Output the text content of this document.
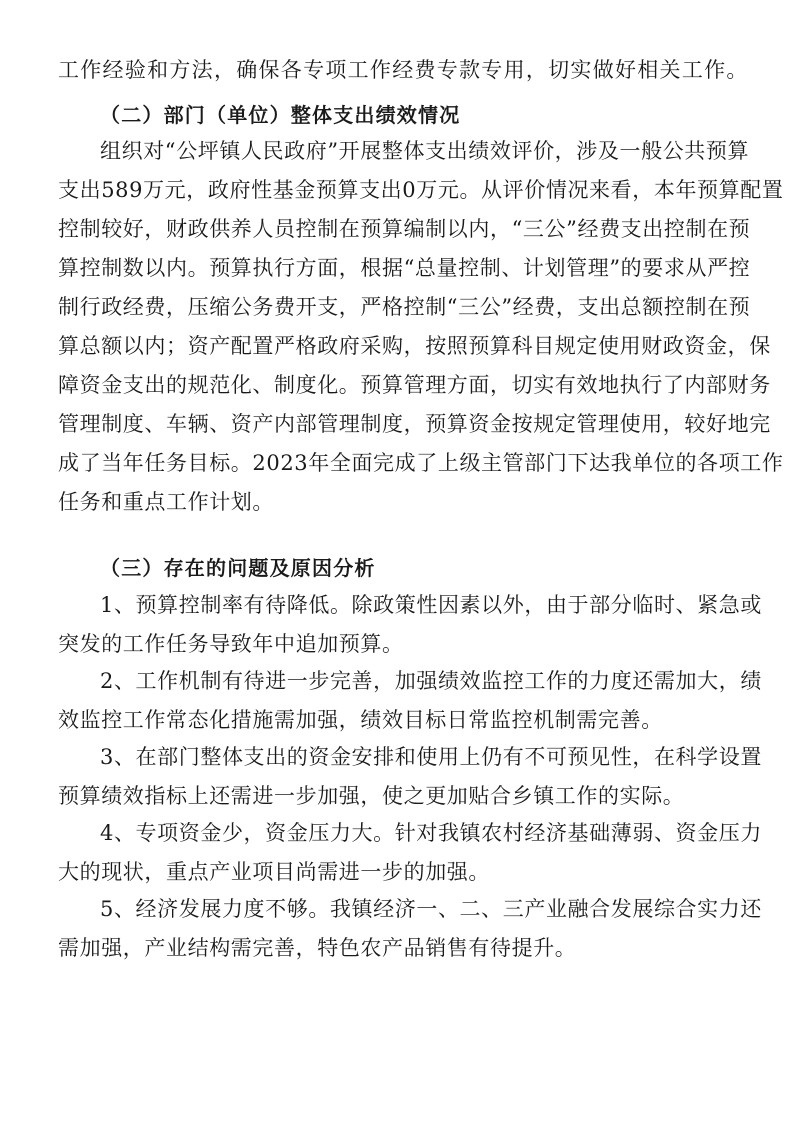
工作经验和方法，确保各专项工作经费专款专用，切实做好相关工作。
（二）部门（单位）整体支出绩效情况
组织对“公坪镇人民政府”开展整体支出绩效评价，涉及一般公共预算
支出589万元，政府性基金预算支出0万元。从评价情况来看，本年预算配置
控制较好，财政供养人员控制在预算编制以内，“三公”经费支出控制在预
算控制数以内。预算执行方面，根据“总量控制、计划管理”的要求从严控
制行政经费，压缩公务费开支，严格控制“三公”经费，支出总额控制在预
算总额以内；资产配置严格政府采购，按照预算科目规定使用财政资金，保
障资金支出的规范化、制度化。预算管理方面，切实有效地执行了内部财务
管理制度、车辆、资产内部管理制度，预算资金按规定管理使用，较好地完
成了当年任务目标。2023年全面完成了上级主管部门下达我单位的各项工作
任务和重点工作计划。
（三）存在的问题及原因分析
1、预算控制率有待降低。除政策性因素以外，由于部分临时、紧急或
突发的工作任务导致年中追加预算。
2、工作机制有待进一步完善，加强绩效监控工作的力度还需加大，绩
效监控工作常态化措施需加强，绩效目标日常监控机制需完善。
3、在部门整体支出的资金安排和使用上仍有不可预见性，在科学设置
预算绩效指标上还需进一步加强，使之更加贴合乡镇工作的实际。
4、专项资金少，资金压力大。针对我镇农村经济基础薄弱、资金压力
大的现状，重点产业项目尚需进一步的加强。
5、经济发展力度不够。我镇经济一、二、三产业融合发展综合实力还
需加强，产业结构需完善，特色农产品销售有待提升。
